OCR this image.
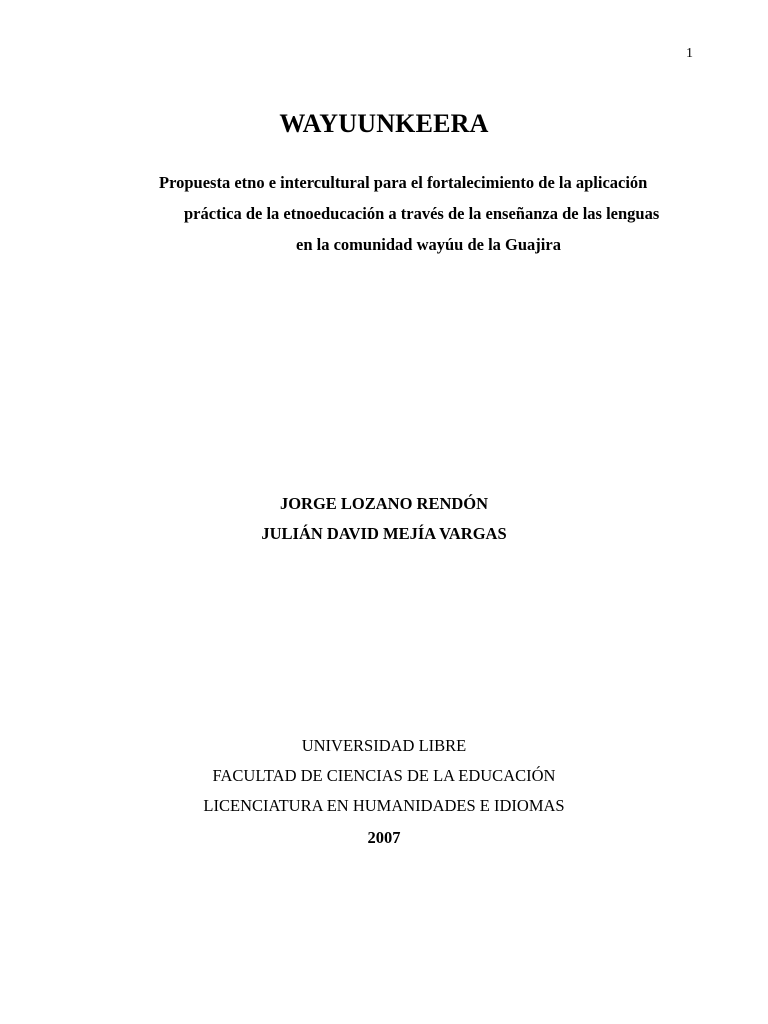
1
WAYUUNKEERA
Propuesta etno e intercultural para el fortalecimiento de la aplicación
práctica de la etnoeducación a través de la enseñanza de las lenguas
en la comunidad wayúu de la Guajira
JORGE LOZANO RENDÓN
JULIÁN DAVID MEJÍA VARGAS
UNIVERSIDAD LIBRE
FACULTAD DE CIENCIAS DE LA EDUCACIÓN
LICENCIATURA EN HUMANIDADES E IDIOMAS
2007
